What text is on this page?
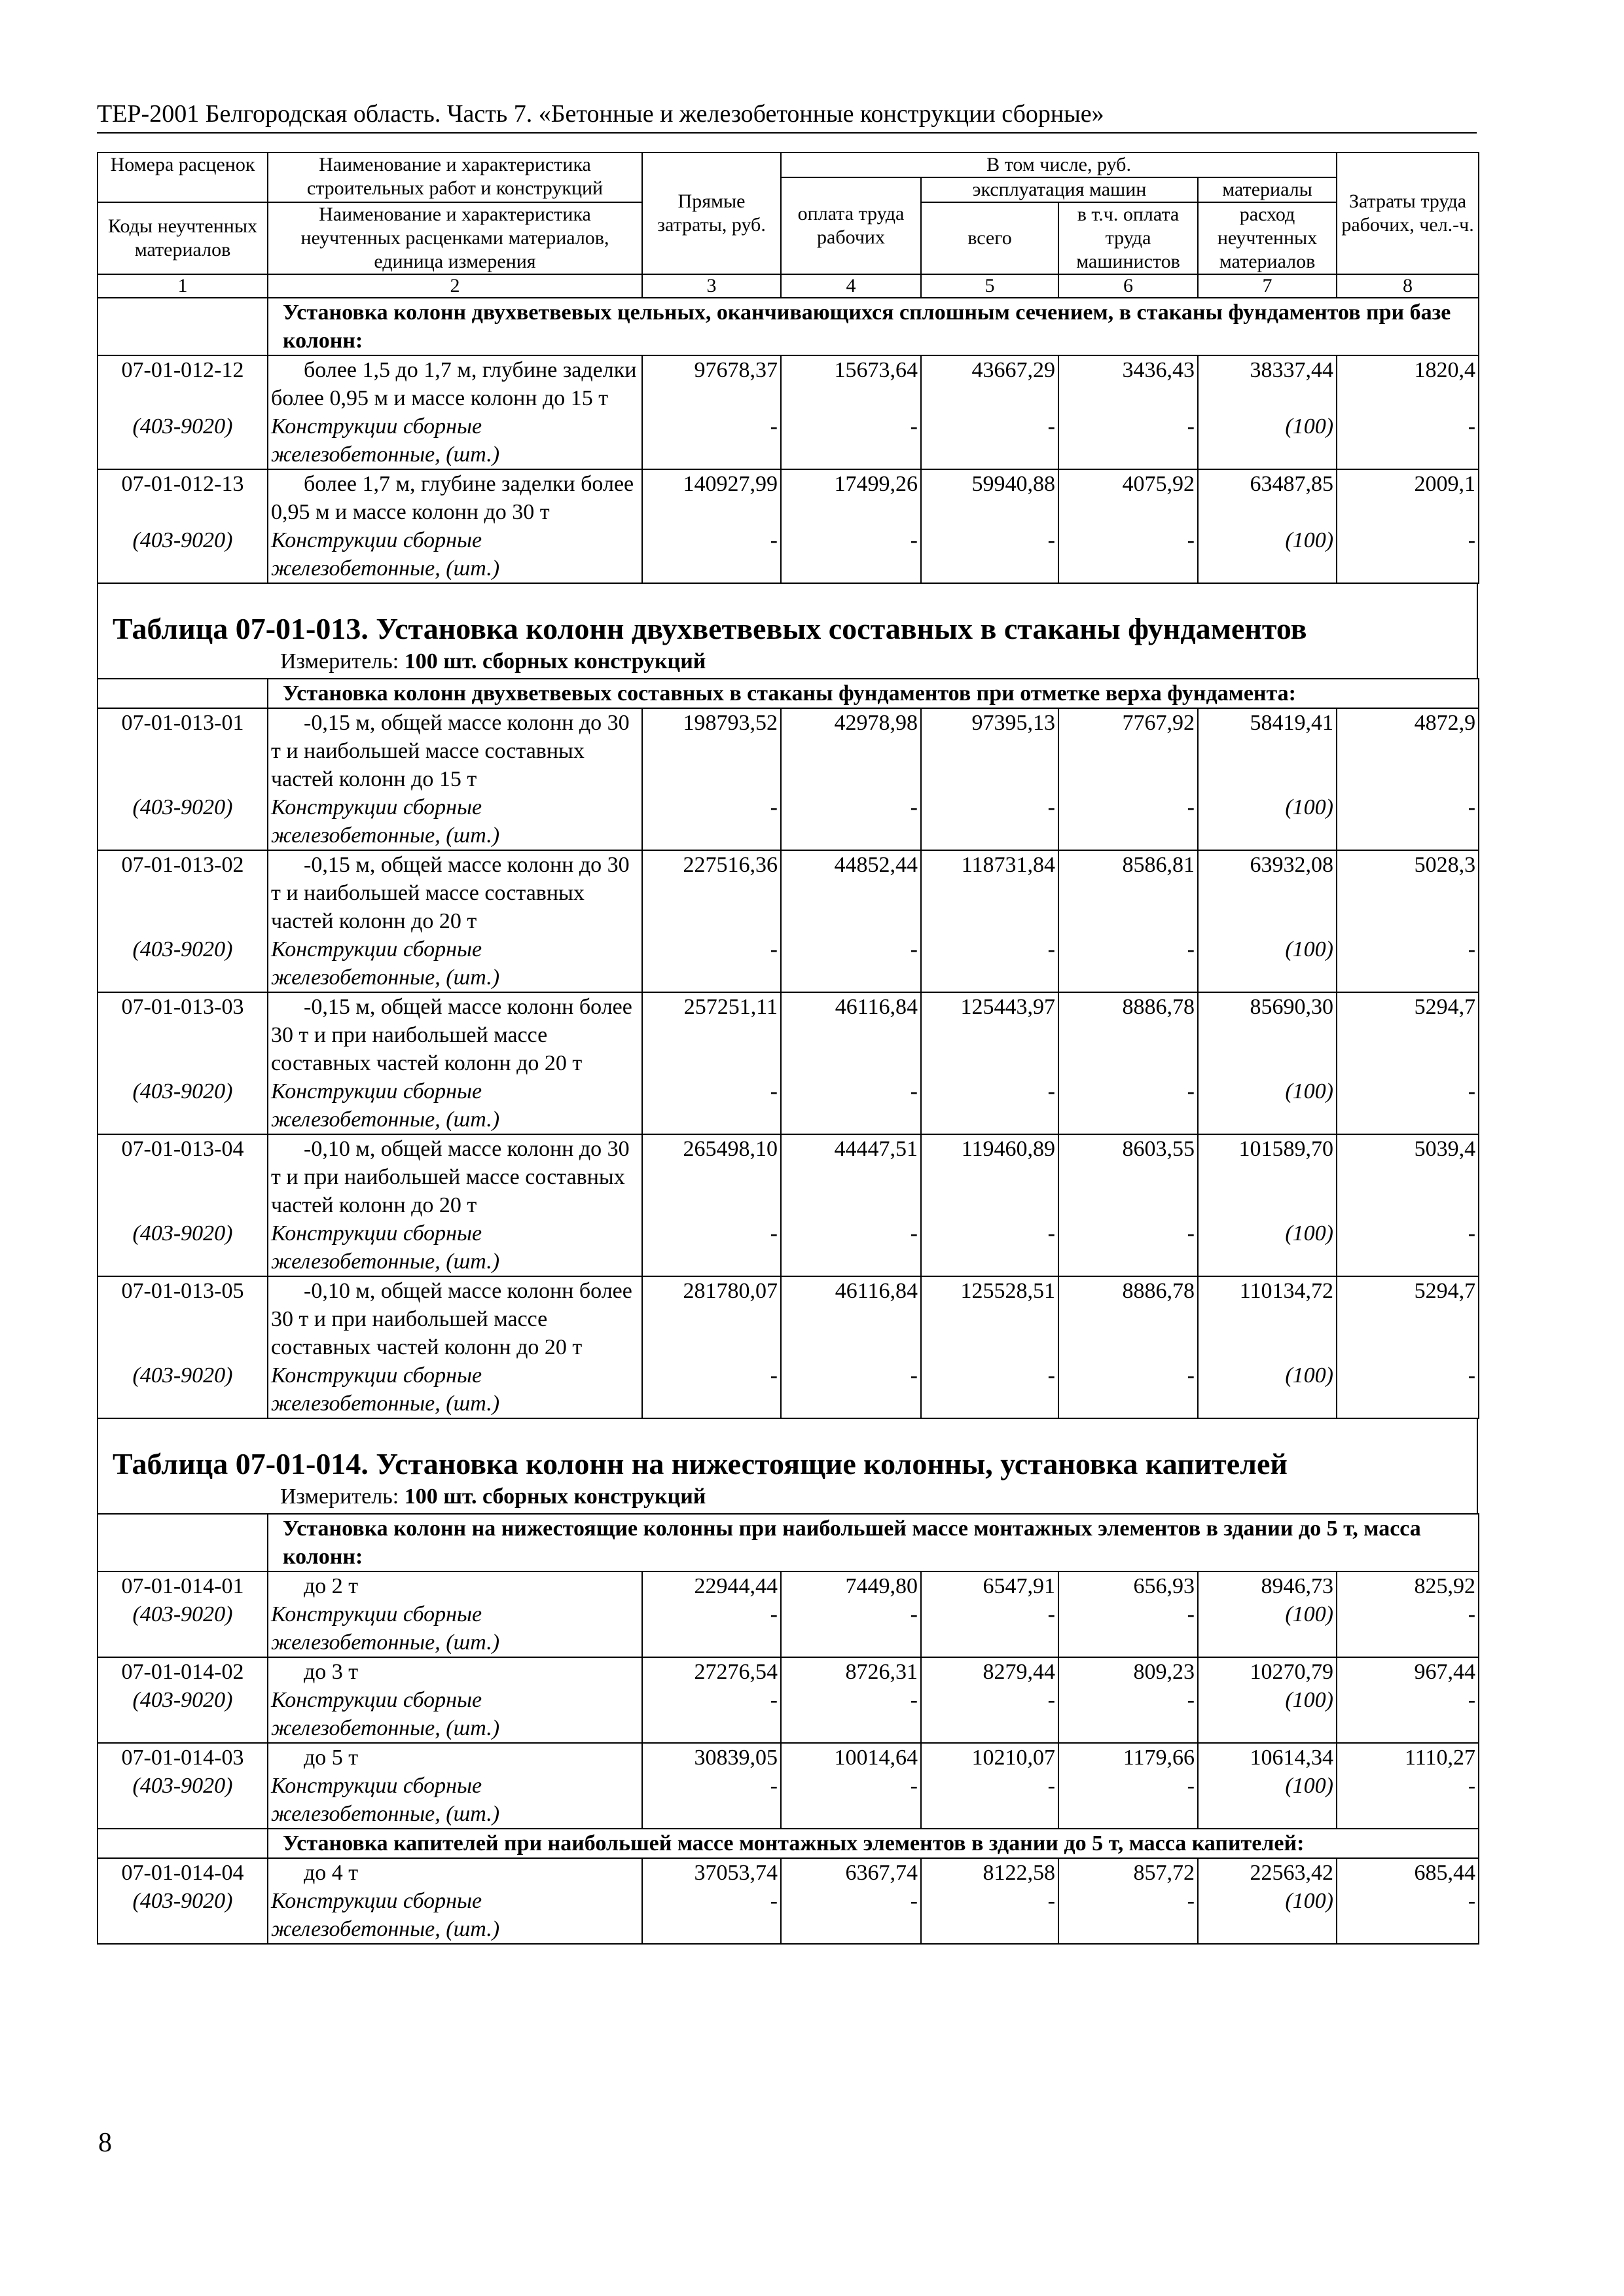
ТЕР-2001 Белгородская область. Часть 7. «Бетонные и железобетонные конструкции сборные»
Номера расценок	Наименование и характеристика строительных работ и конструкций	Прямые затраты, руб.	В том числе, руб.				Затраты труда рабочих, чел.-ч.
			оплата труда рабочих	эксплуатация машин		материалы	
Коды неучтенных материалов	Наименование и характеристика неучтенных расценками материалов, единица измерения			всего	в т.ч. оплата труда машинистов	расход неучтенных материалов	

1	2	3	4	5	6	7	8
	Установка колонн двухветвевых цельных, оканчивающихся сплошным сечением, в стаканы фундаментов при базе колонн:						
07-01-012-12	более 1,5 до 1,7 м, глубине заделки более 0,95 м и массе колонн до 15 т	97678,37	15673,64	43667,29	3436,43	38337,44	1820,4
(403-9020)	Конструкции сборные железобетонные, (шт.)	-	-	-	-	(100)	-
07-01-012-13	более 1,7 м, глубине заделки более 0,95 м и массе колонн до 30 т	140927,99	17499,26	59940,88	4075,92	63487,85	2009,1
(403-9020)	Конструкции сборные железобетонные, (шт.)	-	-	-	-	(100)	-
Таблица 07-01-013. Установка колонн двухветвевых составных в стаканы фундаментов
Измеритель: 100 шт. сборных конструкций
	Установка колонн двухветвевых составных в стаканы фундаментов при отметке верха фундамента:						
07-01-013-01	-0,15 м, общей массе колонн до 30 т и наибольшей массе составных частей колонн до 15 т	198793,52	42978,98	97395,13	7767,92	58419,41	4872,9
(403-9020)	Конструкции сборные железобетонные, (шт.)	-	-	-	-	(100)	-
07-01-013-02	-0,15 м, общей массе колонн до 30 т и наибольшей массе составных частей колонн до 20 т	227516,36	44852,44	118731,84	8586,81	63932,08	5028,3
(403-9020)	Конструкции сборные железобетонные, (шт.)	-	-	-	-	(100)	-
07-01-013-03	-0,15 м, общей массе колонн более 30 т и при наибольшей массе составных частей колонн до 20 т	257251,11	46116,84	125443,97	8886,78	85690,30	5294,7
(403-9020)	Конструкции сборные железобетонные, (шт.)	-	-	-	-	(100)	-
07-01-013-04	-0,10 м, общей массе колонн до 30 т и при наибольшей массе составных частей колонн до 20 т	265498,10	44447,51	119460,89	8603,55	101589,70	5039,4
(403-9020)	Конструкции сборные железобетонные, (шт.)	-	-	-	-	(100)	-
07-01-013-05	-0,10 м, общей массе колонн более 30 т и при наибольшей массе составных частей колонн до 20 т	281780,07	46116,84	125528,51	8886,78	110134,72	5294,7
(403-9020)	Конструкции сборные железобетонные, (шт.)	-	-	-	-	(100)	-
Таблица 07-01-014. Установка колонн на нижестоящие колонны, установка капителей
Измеритель: 100 шт. сборных конструкций
	Установка колонн на нижестоящие колонны при наибольшей массе монтажных элементов в здании до 5 т, масса колонн:						
07-01-014-01	до 2 т	22944,44	7449,80	6547,91	656,93	8946,73	825,92
(403-9020)	Конструкции сборные железобетонные, (шт.)	-	-	-	-	(100)	-
07-01-014-02	до 3 т	27276,54	8726,31	8279,44	809,23	10270,79	967,44
(403-9020)	Конструкции сборные железобетонные, (шт.)	-	-	-	-	(100)	-
07-01-014-03	до 5 т	30839,05	10014,64	10210,07	1179,66	10614,34	1110,27
(403-9020)	Конструкции сборные железобетонные, (шт.)	-	-	-	-	(100)	-
	Установка капителей при наибольшей массе монтажных элементов в здании до 5 т, масса капителей:						
07-01-014-04	до 4 т	37053,74	6367,74	8122,58	857,72	22563,42	685,44
(403-9020)	Конструкции сборные железобетонные, (шт.)	-	-	-	-	(100)	-
8
